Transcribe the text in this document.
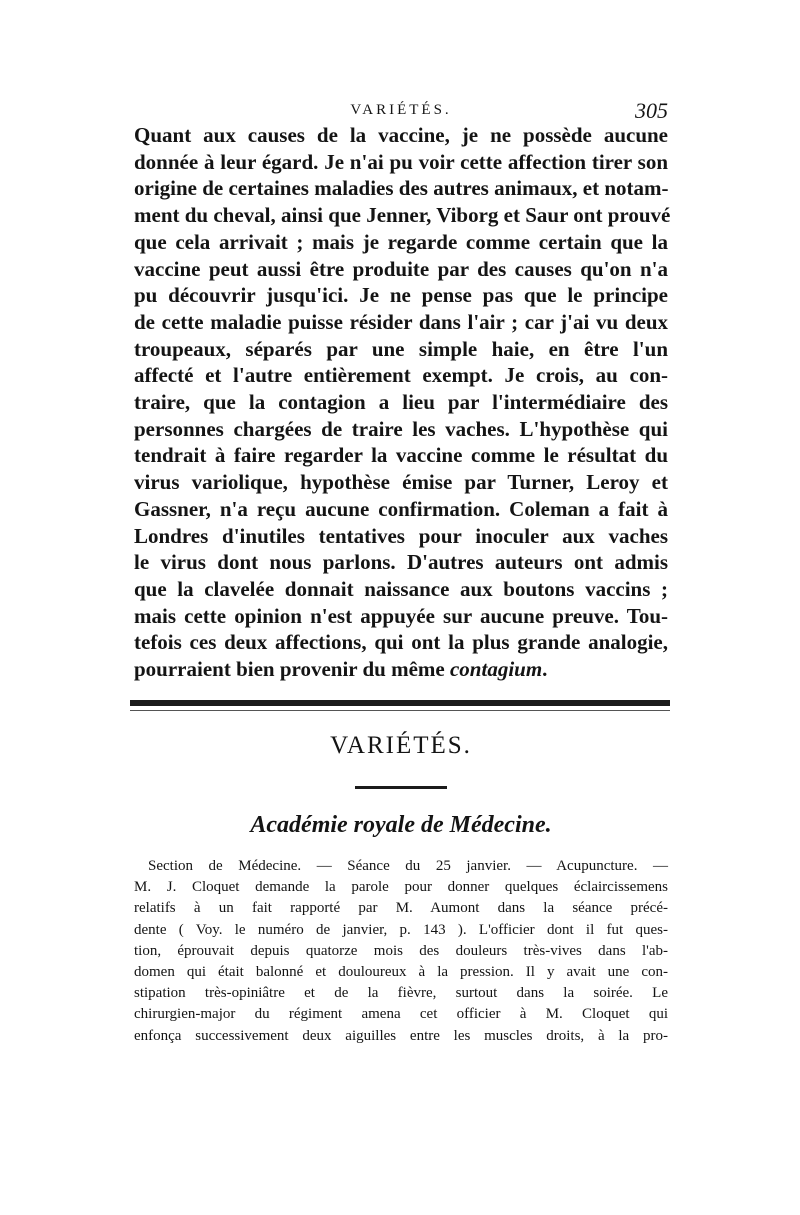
VARIÉTÉS.	305
Quant aux causes de la vaccine, je ne possède aucune
donnée à leur égard. Je n'ai pu voir cette affection tirer son
origine de certaines maladies des autres animaux, et notam-
ment du cheval, ainsi que Jenner, Viborg et Saur ont prouvé
que cela arrivait ; mais je regarde comme certain que la
vaccine peut aussi être produite par des causes qu'on n'a
pu découvrir jusqu'ici. Je ne pense pas que le principe
de cette maladie puisse résider dans l'air ; car j'ai vu deux
troupeaux, séparés par une simple haie, en être l'un
affecté et l'autre entièrement exempt. Je crois, au con-
traire, que la contagion a lieu par l'intermédiaire des
personnes chargées de traire les vaches. L'hypothèse qui
tendrait à faire regarder la vaccine comme le résultat du
virus variolique, hypothèse émise par Turner, Leroy et
Gassner, n'a reçu aucune confirmation. Coleman a fait à
Londres d'inutiles tentatives pour inoculer aux vaches
le virus dont nous parlons. D'autres auteurs ont admis
que la clavelée donnait naissance aux boutons vaccins ;
mais cette opinion n'est appuyée sur aucune preuve. Tou-
tefois ces deux affections, qui ont la plus grande analogie,
pourraient bien provenir du même contagium.
VARIÉTÉS.
Académie royale de Médecine.
Section de Médecine. — Séance du 25 janvier. — Acupuncture. —
M. J. Cloquet demande la parole pour donner quelques éclaircissemens
relatifs à un fait rapporté par M. Aumont dans la séance précé-
dente ( Voy. le numéro de janvier, p. 143 ). L'officier dont il fut ques-
tion, éprouvait depuis quatorze mois des douleurs très-vives dans l'ab-
domen qui était balonné et douloureux à la pression. Il y avait une con-
stipation très-opiniâtre et de la fièvre, surtout dans la soirée. Le
chirurgien-major du régiment amena cet officier à M. Cloquet qui
enfonça successivement deux aiguilles entre les muscles droits, à la pro-
